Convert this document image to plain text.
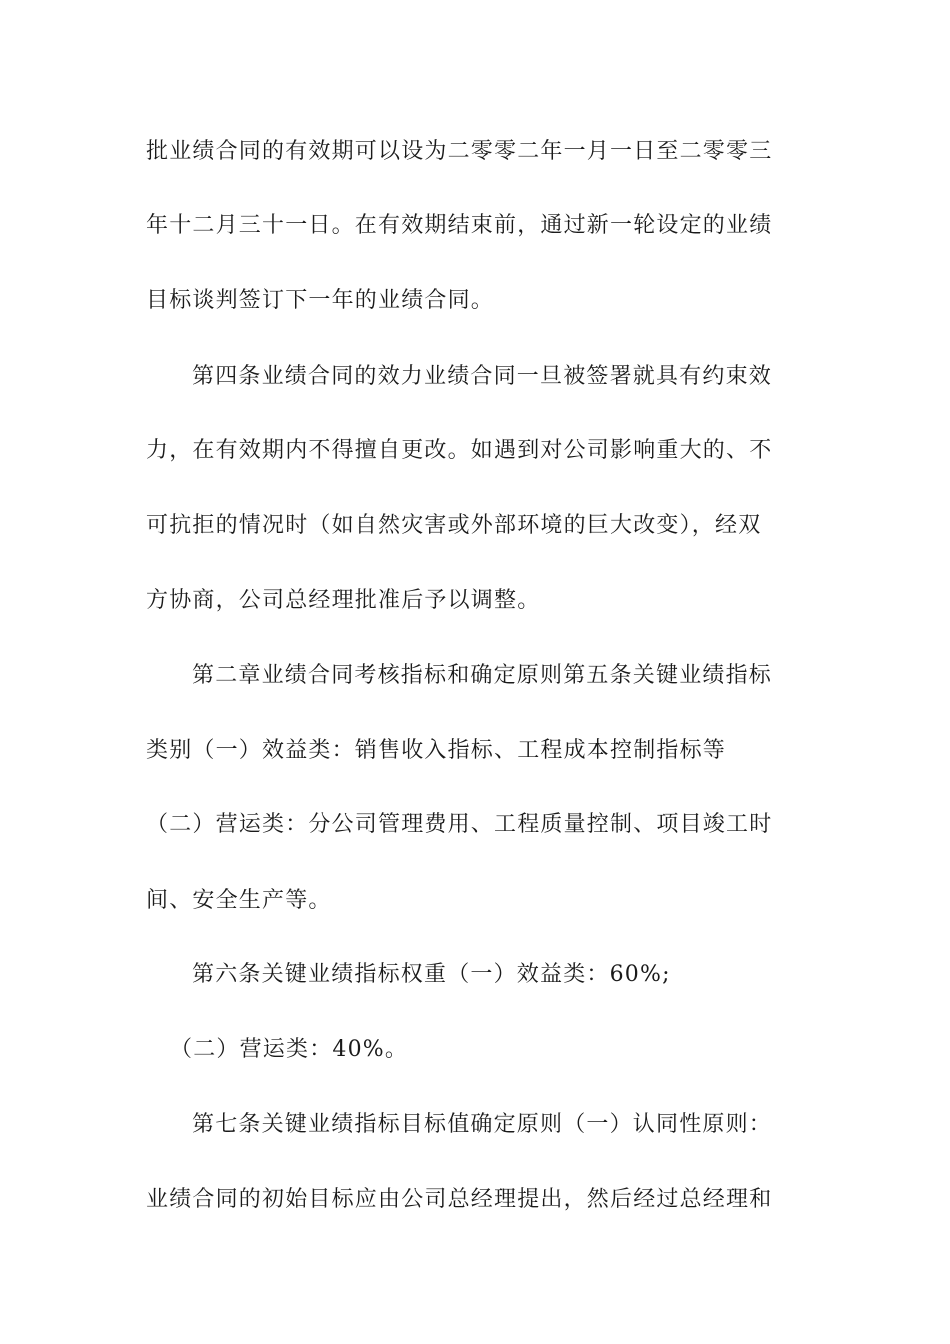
批业绩合同的有效期可以设为二零零二年一月一日至二零零三
年十二月三十一日。在有效期结束前，通过新一轮设定的业绩
目标谈判签订下一年的业绩合同。
第四条业绩合同的效力业绩合同一旦被签署就具有约束效
力，在有效期内不得擅自更改。如遇到对公司影响重大的、不
可抗拒的情况时（如自然灾害或外部环境的巨大改变），经双
方协商，公司总经理批准后予以调整。
第二章业绩合同考核指标和确定原则第五条关键业绩指标
类别（一）效益类：销售收入指标、工程成本控制指标等
（二）营运类：分公司管理费用、工程质量控制、项目竣工时
间、安全生产等。
第六条关键业绩指标权重（一）效益类：60%;
（二）营运类：40%。
第七条关键业绩指标目标值确定原则（一）认同性原则：
业绩合同的初始目标应由公司总经理提出，然后经过总经理和
